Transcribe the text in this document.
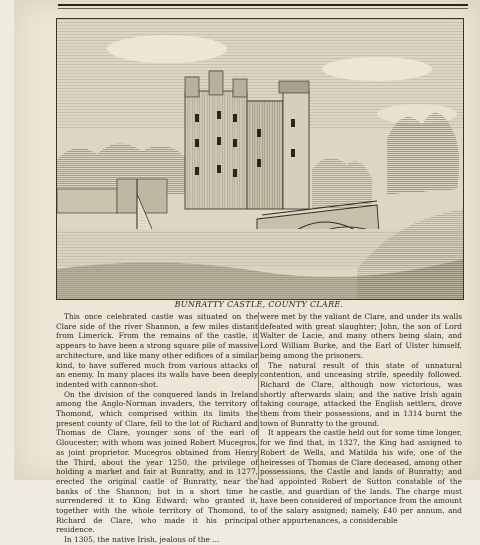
BUNRATTY CASTLE, COUNTY CLARE.

This once celebrated castle was situated on the Clare side of the river Shannon, a few miles distant from Limerick. From the remains of the castle, it appears to have been a strong square pile of massive architecture, and like many other edifices of a similar kind, to have suffered much from various attacks of an enemy. In many places its walls have been deeply indented with cannon-shot.

On the division of the conquered lands in Ireland among the Anglo-Norman invaders, the territory of Thomond, which comprised within its limits the present county of Clare, fell to the lot of Richard and Thomas de Clare, younger sons of the earl of Gloucester; with whom was joined Robert Mucegros, as joint proprietor. Mucegros obtained from Henry the Third, about the year 1250, the privilege of holding a market and fair at Bunratty, and in 1277, erected the original castle of Bunratty, near the banks of the Shannon; but in a short time he surrendered it to King Edward; who granted it, together with the whole territory of Thomond, to Richard de Clare, who made it his principal residence.

In 1305, the native Irish, jealous of the ...

were met by the valiant de Clare, and under its walls defeated with great slaughter; John, the son of Lord Walter de Lacie, and many others being slain, and Lord William Burke, and the Earl of Ulster himself, being among the prisoners.

The natural result of this state of unnatural contention, and unceasing strife, speedily followed. Richard de Clare, although now victorious, was shortly afterwards slain; and the native Irish again taking courage, attacked the English settlers, drove them from their possessions, and in 1314 burnt the town of Bunratty to the ground.

It appears the castle held out for some time longer, for we find that, in 1327, the King had assigned to Robert de Wells, and Matilda his wife, one of the heiresses of Thomas de Clare deceased, among other possessions, the Castle and lands of Bunratty; and had appointed Robert de Sutton constable of the castle, and guardian of the lands. The charge must have been considered of importance from the amount of the salary assigned; namely, £40 per annum, and other appurtenances, a considerable
